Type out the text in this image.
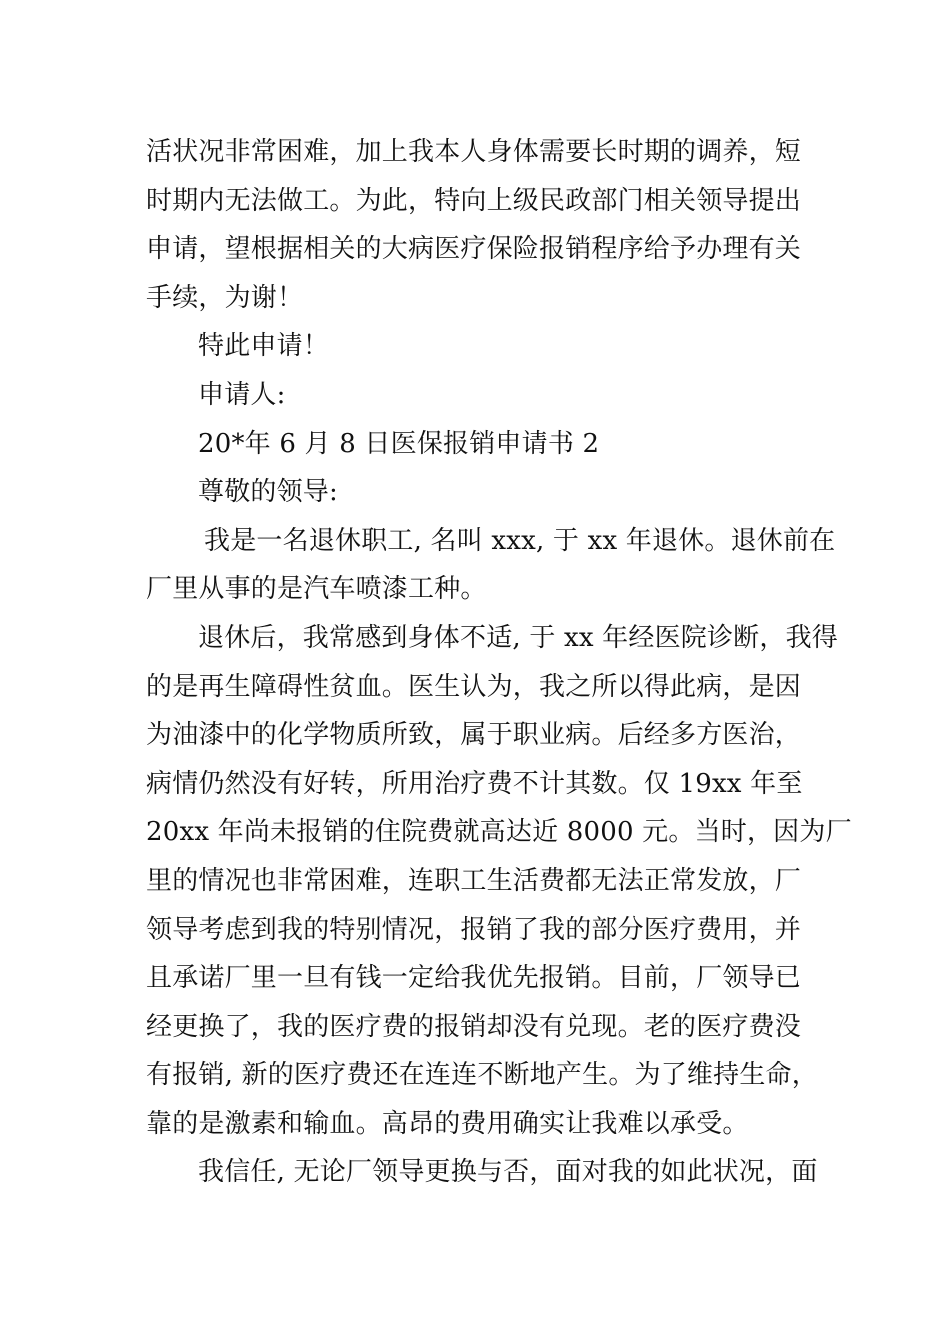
活状况非常困难，加上我本人身体需要长时期的调养，短
时期内无法做工。为此，特向上级民政部门相关领导提出
申请，望根据相关的大病医疗保险报销程序给予办理有关
手续，为谢！
特此申请！
申请人:
20*年 6 月 8 日医保报销申请书 2
尊敬的领导:
我是一名退休职工, 名叫 xxx, 于 xx 年退休。退休前在
厂里从事的是汽车喷漆工种。
退休后，我常感到身体不适, 于 xx 年经医院诊断，我得
的是再生障碍性贫血。医生认为，我之所以得此病，是因
为油漆中的化学物质所致，属于职业病。后经多方医治，
病情仍然没有好转，所用治疗费不计其数。仅 19xx 年至
20xx 年尚未报销的住院费就高达近 8000 元。当时，因为厂
里的情况也非常困难，连职工生活费都无法正常发放，厂
领导考虑到我的特别情况，报销了我的部分医疗费用，并
且承诺厂里一旦有钱一定给我优先报销。目前，厂领导已
经更换了，我的医疗费的报销却没有兑现。老的医疗费没
有报销, 新的医疗费还在连连不断地产生。为了维持生命，
靠的是激素和输血。高昂的费用确实让我难以承受。
我信任, 无论厂领导更换与否，面对我的如此状况，面
